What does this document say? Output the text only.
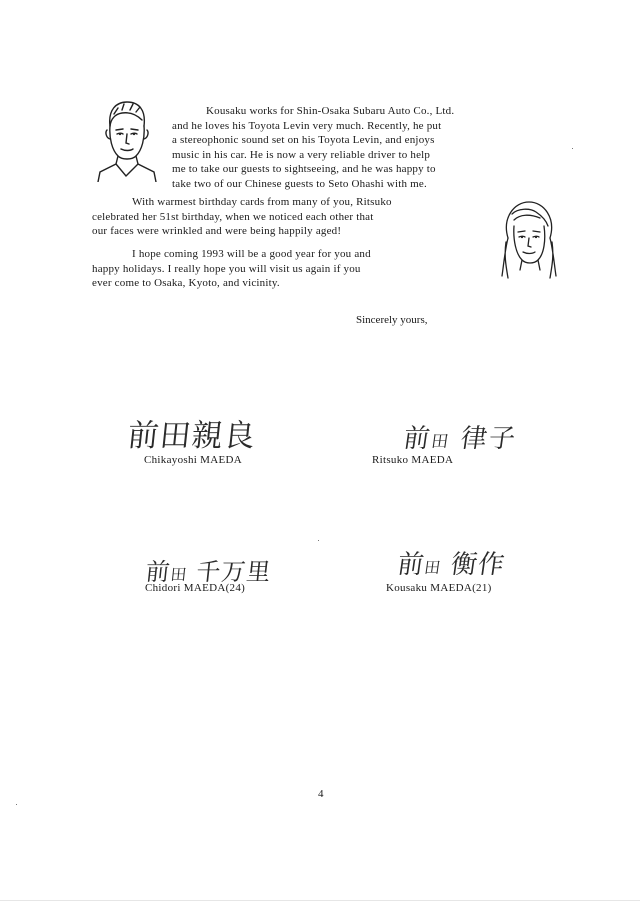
Kousaku works for Shin-Osaka Subaru Auto Co., Ltd.
and he loves his Toyota Levin very much. Recently, he put
a stereophonic sound set on his Toyota Levin, and enjoys
music in his car. He is now a very reliable driver to help
me to take our guests to sightseeing, and he was happy to
take two of our Chinese guests to Seto Ohashi with me.
With warmest birthday cards from many of you, Ritsuko
celebrated her 51st birthday, when we noticed each other that
our faces were wrinkled and were being happily aged!
I hope coming 1993 will be a good year for you and
happy holidays. I really hope you will visit us again if you
ever come to Osaka, Kyoto, and vicinity.
Sincerely yours,
前田親良	前田 律子
前田 千万里	前田 衡作
Chikayoshi MAEDA	Ritsuko MAEDA
Chidori MAEDA(24)	Kousaku MAEDA(21)
4
